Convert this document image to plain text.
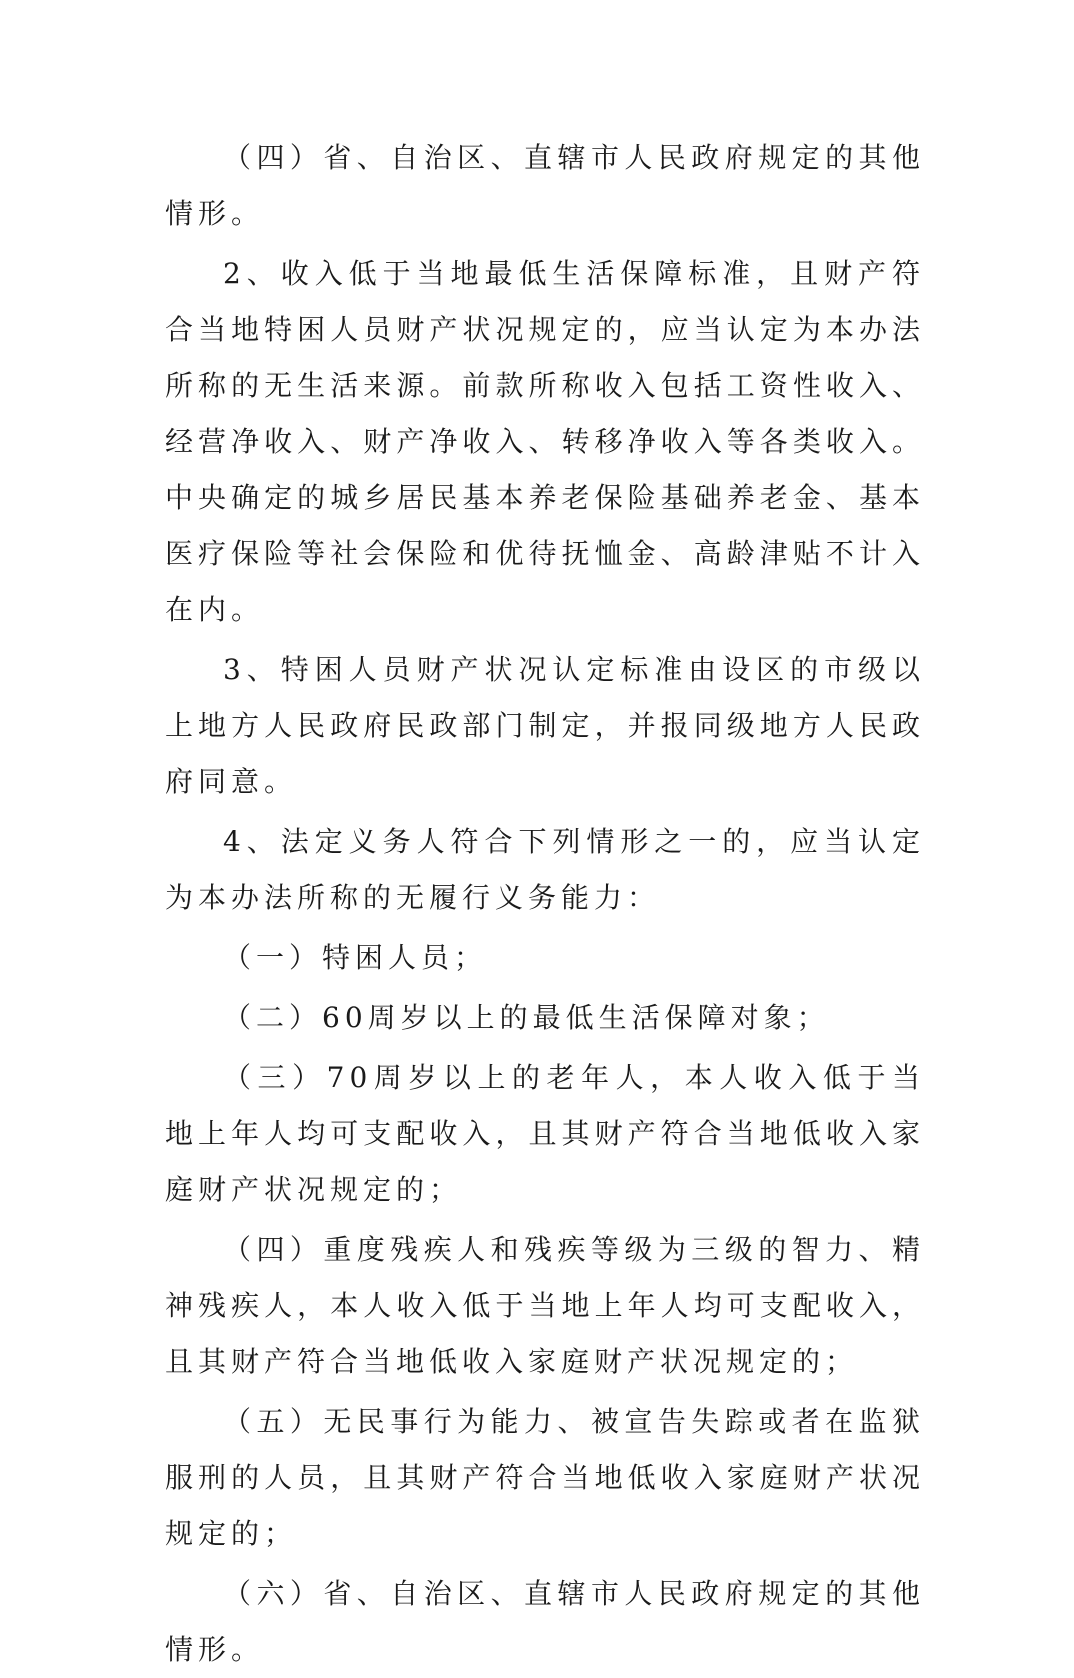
（四）省、自治区、直辖市人民政府规定的其他情形。

2、收入低于当地最低生活保障标准，且财产符合当地特困人员财产状况规定的，应当认定为本办法所称的无生活来源。前款所称收入包括工资性收入、经营净收入、财产净收入、转移净收入等各类收入。中央确定的城乡居民基本养老保险基础养老金、基本医疗保险等社会保险和优待抚恤金、高龄津贴不计入在内。

3、特困人员财产状况认定标准由设区的市级以上地方人民政府民政部门制定，并报同级地方人民政府同意。

4、法定义务人符合下列情形之一的，应当认定为本办法所称的无履行义务能力：

（一）特困人员；

（二）60周岁以上的最低生活保障对象；

（三）70周岁以上的老年人，本人收入低于当地上年人均可支配收入，且其财产符合当地低收入家庭财产状况规定的；

（四）重度残疾人和残疾等级为三级的智力、精神残疾人，本人收入低于当地上年人均可支配收入，且其财产符合当地低收入家庭财产状况规定的；

（五）无民事行为能力、被宣告失踪或者在监狱服刑的人员，且其财产符合当地低收入家庭财产状况规定的；

（六）省、自治区、直辖市人民政府规定的其他情形。
